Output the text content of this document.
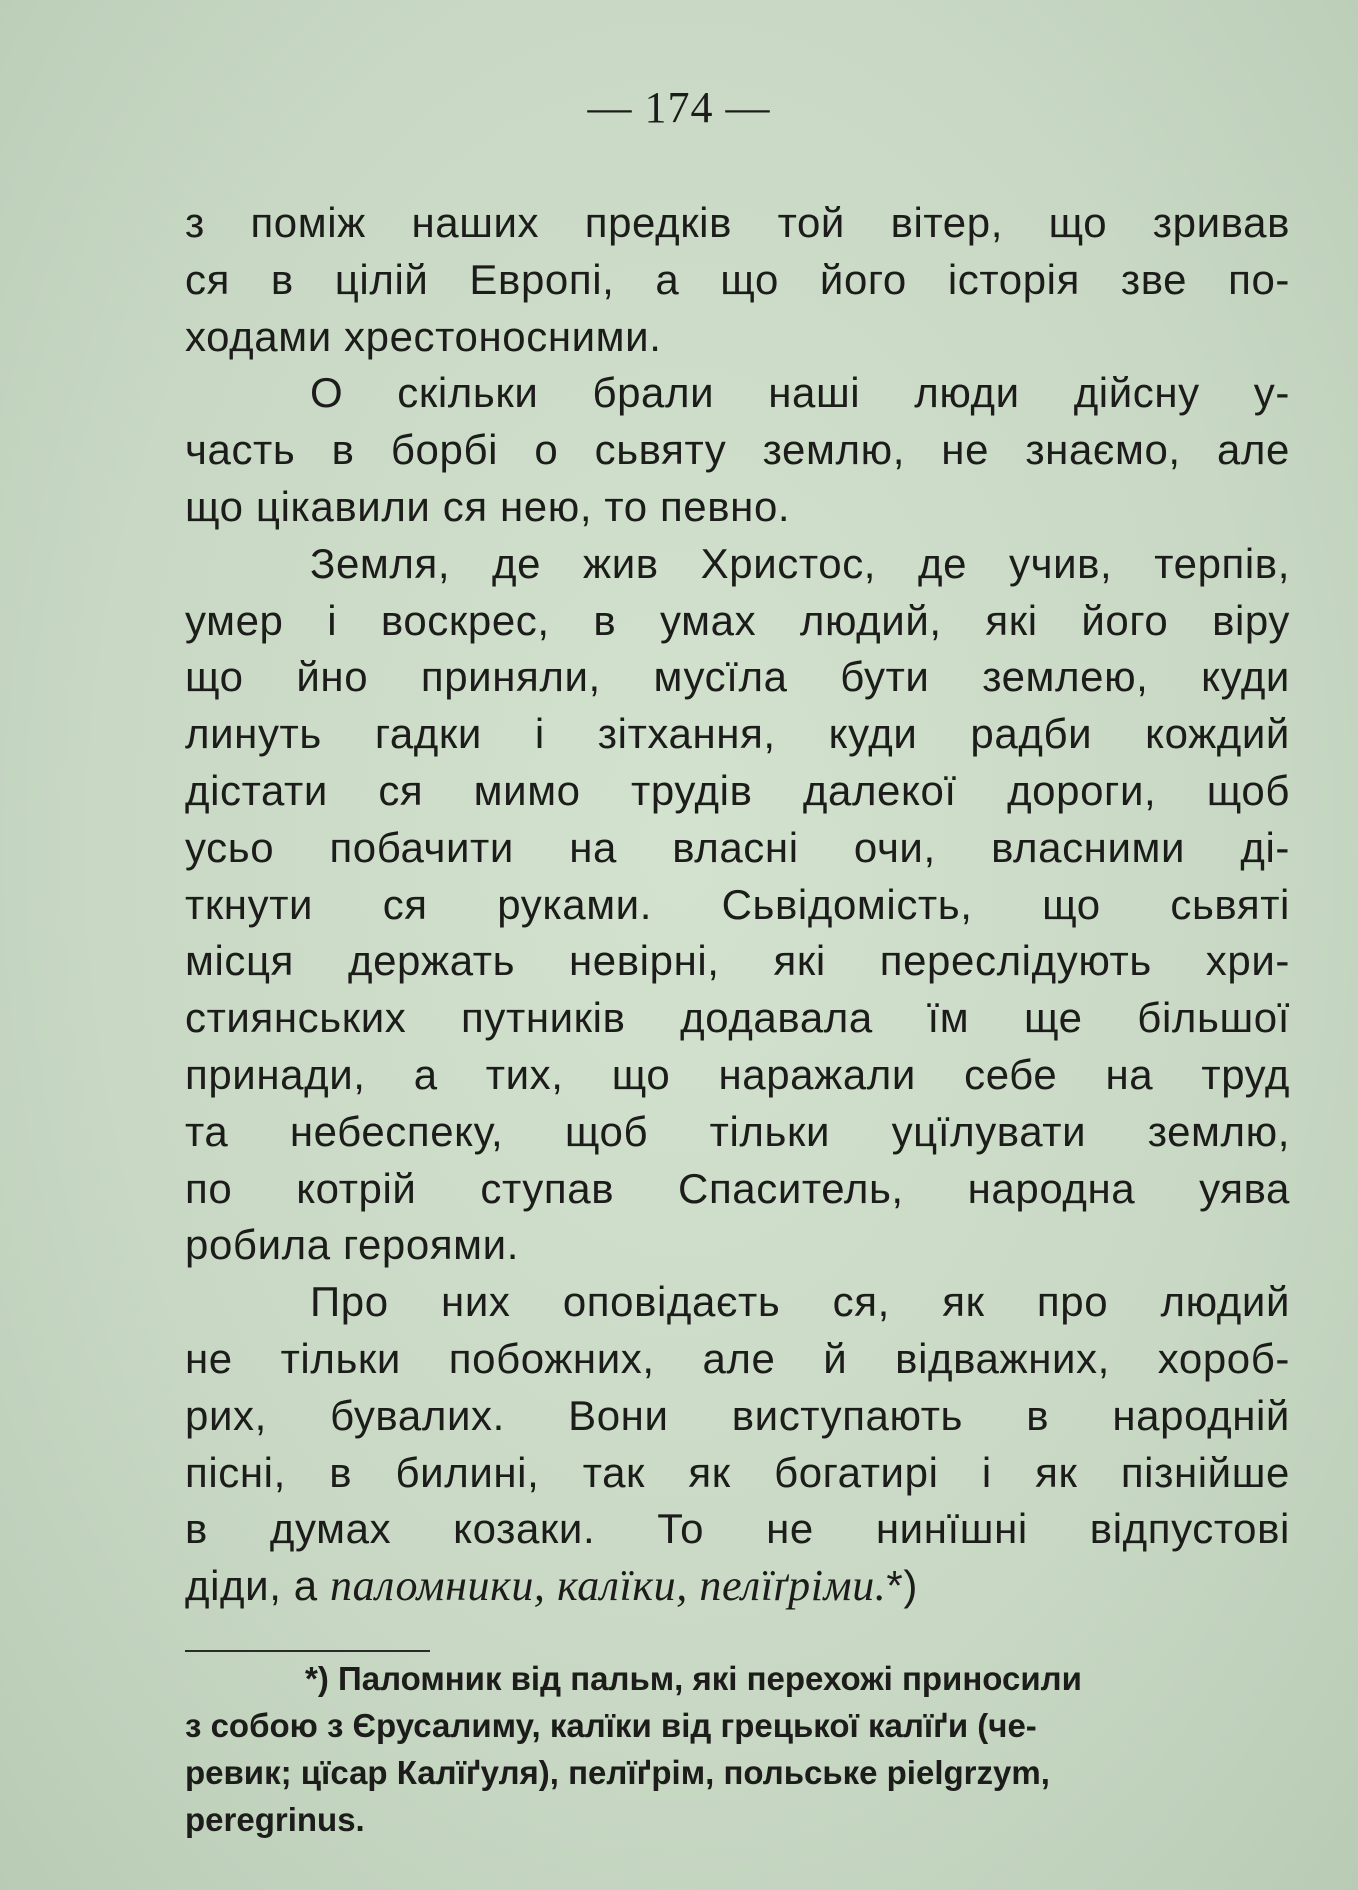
— 174 —
з поміж наших предків той вітер, що зривав
ся в цілій Европі, а що його історія зве по-
ходами хрестоносними.
О скільки брали наші люди дійсну у-
часть в борбі о сьвяту землю, не знаємо, але
що цікавили ся нею, то певно.
Земля, де жив Христос, де учив, терпів,
умер і воскрес, в умах людий, які його віру
що йно приняли, мусїла бути землею, куди
линуть гадки і зітхання, куди радби кождий
дістати ся мимо трудів далекої дороги, щоб
усьо побачити на власні очи, власними ді-
ткнути ся руками. Сьвідомість, що сьвяті
місця держать невірні, які переслідують хри-
стиянських путників додавала їм ще більшої
принади, а тих, що наражали себе на труд
та небеспеку, щоб тільки уцїлувати землю,
по котрій ступав Спаситель, народна уява
робила героями.
Про них оповідаєть ся, як про людий
не тільки побожних, але й відважних, хороб-
рих, бувалих. Вони виступають в народній
пісні, в билині, так як богатирі і як пізнійше
в думах козаки. То не нинїшні відпустові
діди, а паломники, калїки, пелїґріми.*)
*) Паломник від пальм, які перехожі приносили
з собою з Єрусалиму, калїки від грецької калїґи (че-
ревик; цїсар Калїґуля), пелїґрім, польське pielgrzym,
peregrinus.
